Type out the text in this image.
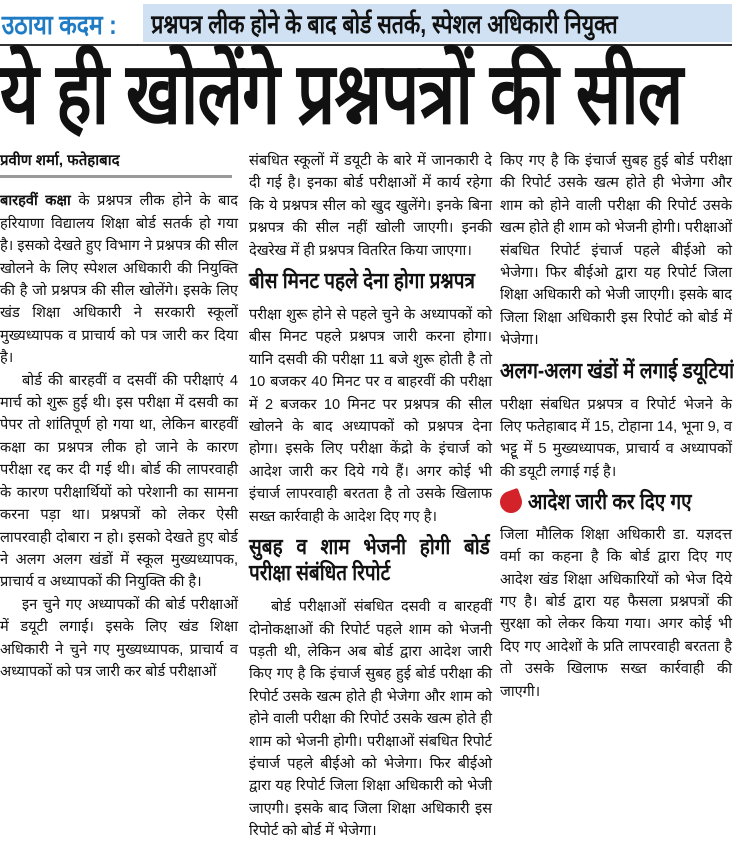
उठाया कदम :	प्रश्नपत्र लीक होने के बाद बोर्ड सतर्क, स्पेशल अधिकारी नियुक्त
ये ही खोलेंगे प्रश्नपत्रों की सील
प्रवीण शर्मा, फतेहाबाद

बारहवीं कक्षा के प्रश्नपत्र लीक होने के बाद हरियाणा विद्यालय शिक्षा बोर्ड सतर्क हो गया है। इसको देखते हुए विभाग ने प्रश्नपत्र की सील खोलने के लिए स्पेशल अधिकारी की नियुक्ति की है जो प्रश्नपत्र की सील खोलेंगे। इसके लिए खंड शिक्षा अधिकारी ने सरकारी स्कूलों मुख्यध्यापक व प्राचार्य को पत्र जारी कर दिया है।

बोर्ड की बारहवीं व दसवीं की परीक्षाएं 4 मार्च को शुरू हुई थी। इस परीक्षा में दसवी का पेपर तो शांतिपूर्ण हो गया था, लेकिन बारहवीं कक्षा का प्रश्नपत्र लीक हो जाने के कारण परीक्षा रद्द कर दी गई थी। बोर्ड की लापरवाही के कारण परीक्षार्थियों को परेशानी का सामना करना पड़ा था। प्रश्नपत्रों को लेकर ऐसी लापरवाही दोबारा न हो। इसको देखते हुए बोर्ड ने अलग अलग खंडों में स्कूल मुख्यध्यापक, प्राचार्य व अध्यापकों की नियुक्ति की है।

इन चुने गए अध्यापकों की बोर्ड परीक्षाओं में डयूटी लगाई। इसके लिए खंड शिक्षा अधिकारी ने चुने गए मुख्यध्यापक, प्राचार्य व अध्यापकों को पत्र जारी कर बोर्ड परीक्षाओं

संबधित स्कूलों में डयूटी के बारे में जानकारी दे दी गई है। इनका बोर्ड परीक्षाओं में कार्य रहेगा कि ये प्रश्नपत्र सील को खुद खुलेंगे। इनके बिना प्रश्नपत्र की सील नहीं खोली जाएगी। इनकी देखरेख में ही प्रश्नपत्र वितरित किया जाएगा।

बीस मिनट पहले देना होगा प्रश्नपत्र

परीक्षा शुरू होने से पहले चुने के अध्यापकों को बीस मिनट पहले प्रश्नपत्र जारी करना होगा। यानि दसवी की परीक्षा 11 बजे शुरू होती है तो 10 बजकर 40 मिनट पर व बाहरवीं की परीक्षा में 2 बजकर 10 मिनट पर प्रश्नपत्र की सील खोलने के बाद अध्यापकों को प्रश्नपत्र देना होगा। इसके लिए परीक्षा केंद्रो के इंचार्ज को आदेश जारी कर दिये गये हैं। अगर कोई भी इंचार्ज लापरवाही बरतता है तो उसके खिलाफ सख्त कार्रवाही के आदेश दिए गए है।

सुबह व शाम भेजनी होगी बोर्ड परीक्षा संबंधित रिपोर्ट

बोर्ड परीक्षाओं संबधित दसवी व बारहवीं दोनोकक्षाओं की रिपोर्ट पहले शाम को भेजनी पड़ती थी, लेकिन अब बोर्ड द्वारा आदेश जारी किए गए है कि इंचार्ज सुबह हुई बोर्ड परीक्षा की रिपोर्ट उसके खत्म होते ही भेजेगा और शाम को होने वाली परीक्षा की रिपोर्ट उसके खत्म होते ही शाम को भेजनी होगी। परीक्षाओं संबधित रिपोर्ट इंचार्ज पहले बीईओ को भेजेगा। फिर बीईओ द्वारा यह रिपोर्ट जिला शिक्षा अधिकारी को भेजी जाएगी। इसके बाद जिला शिक्षा अधिकारी इस रिपोर्ट को बोर्ड में भेजेगा।

किए गए है कि इंचार्ज सुबह हुई बोर्ड परीक्षा की रिपोर्ट उसके खत्म होते ही भेजेगा और शाम को होने वाली परीक्षा की रिपोर्ट उसके खत्म होते ही शाम को भेजनी होगी। परीक्षाओं संबधित रिपोर्ट इंचार्ज पहले बीईओ को भेजेगा। फिर बीईओ द्वारा यह रिपोर्ट जिला शिक्षा अधिकारी को भेजी जाएगी। इसके बाद जिला शिक्षा अधिकारी इस रिपोर्ट को बोर्ड में भेजेगा।

अलग-अलग खंडों में लगाई डयूटियां

परीक्षा संबधित प्रश्नपत्र व रिपोर्ट भेजने के लिए फतेहाबाद में 15, टोहाना 14, भूना 9, व भट्टू में 5 मुख्यध्यापक, प्राचार्य व अध्यापकों की डयूटी लगाई गई है।

आदेश जारी कर दिए गए

जिला मौलिक शिक्षा अधिकारी डा. यज्ञदत्त वर्मा का कहना है कि बोर्ड द्वारा दिए गए आदेश खंड शिक्षा अधिकारियों को भेज दिये गए है। बोर्ड द्वारा यह फैसला प्रश्नपत्रों की सुरक्षा को लेकर किया गया। अगर कोई भी दिए गए आदेशों के प्रति लापरवाही बरतता है तो उसके खिलाफ सख्त कार्रवाही की जाएगी।
